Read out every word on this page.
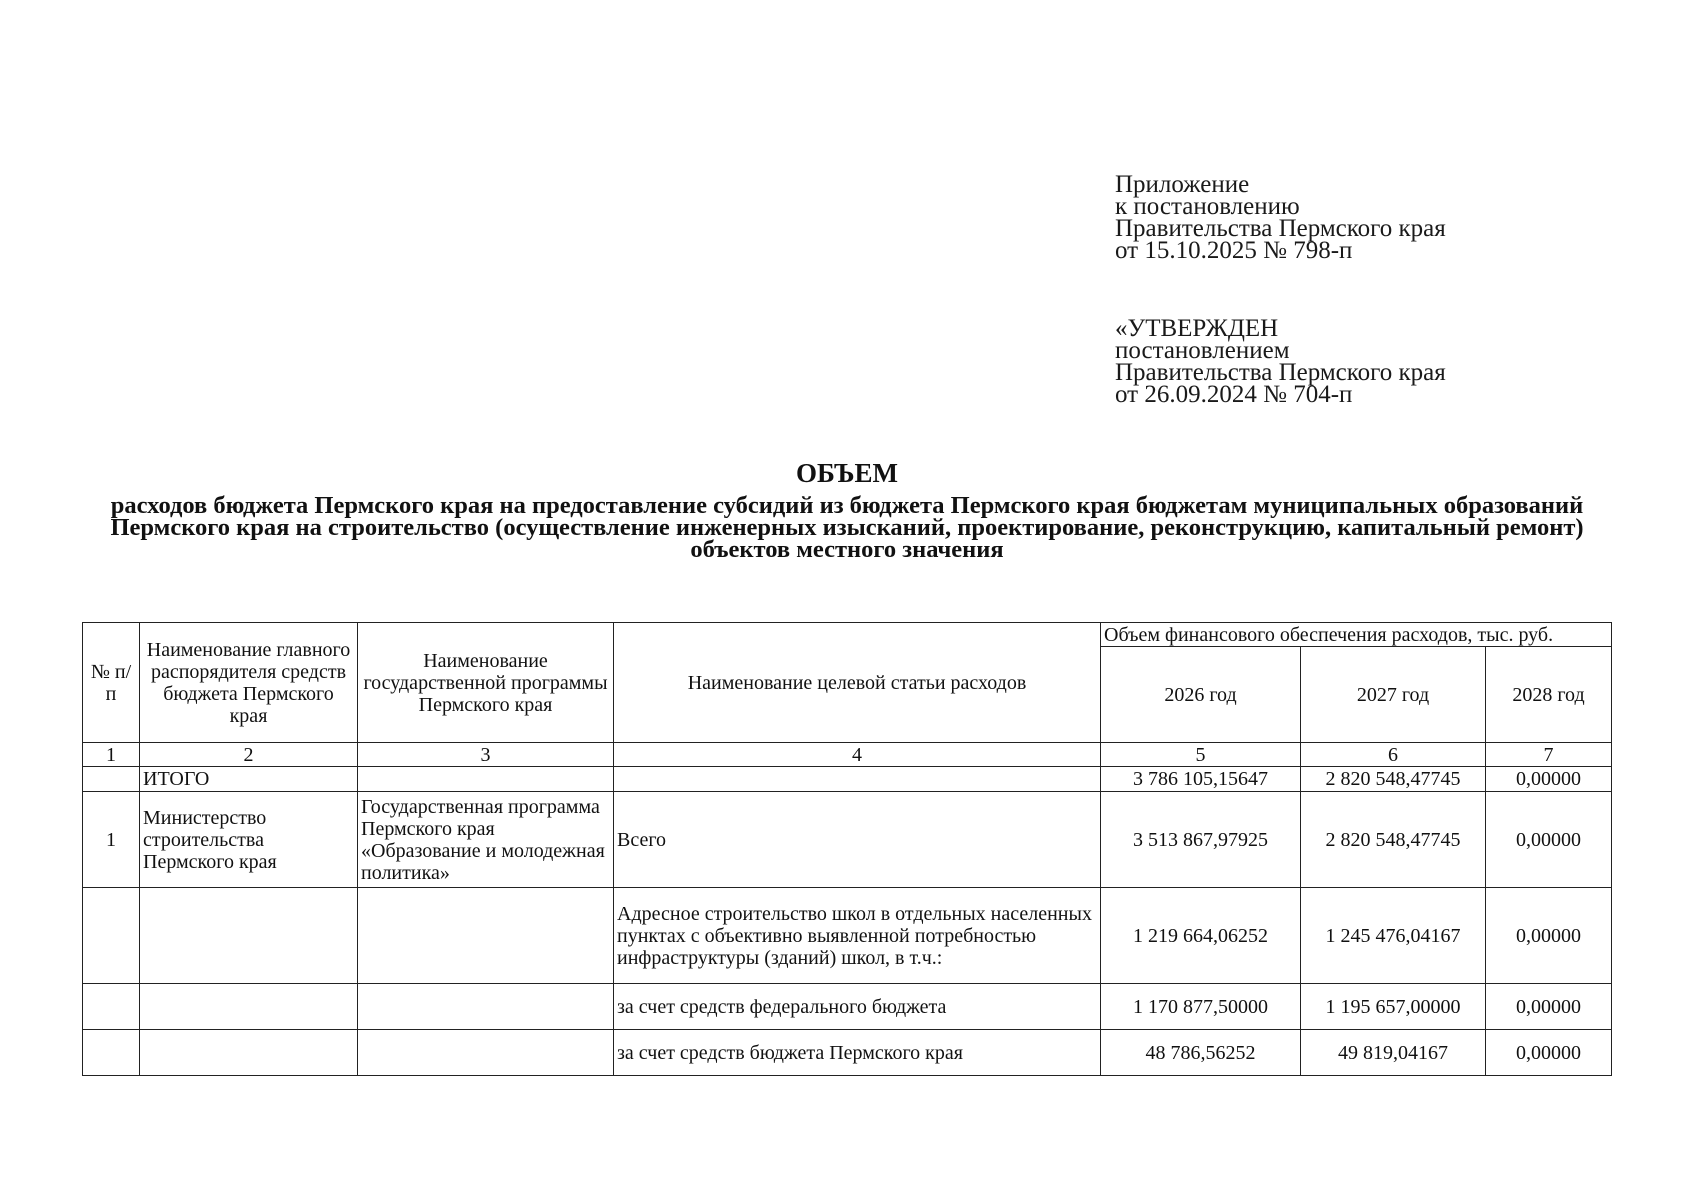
Приложение
к постановлению
Правительства Пермского края
от 15.10.2025 № 798-п
«УТВЕРЖДЕН
постановлением
Правительства Пермского края
от 26.09.2024 № 704-п
ОБЪЕМ
расходов бюджета Пермского края на предоставление субсидий из бюджета Пермского края бюджетам муниципальных образований Пермского края на строительство (осуществление инженерных изысканий, проектирование, реконструкцию, капитальный ремонт) объектов местного значения
№ п/п	Наименование главного распорядителя средств бюджета Пермского края	Наименование государственной программы Пермского края	Наименование целевой статьи расходов	Объем финансового обеспечения расходов, тыс. руб.		
				2026 год	2027 год	2028 год
1	2	3	4	5	6	7
	ИТОГО			3 786 105,15647	2 820 548,47745	0,00000
1	Министерство строительства Пермского края	Государственная программа Пермского края «Образование и молодежная политика»	Всего	3 513 867,97925	2 820 548,47745	0,00000
			Адресное строительство школ в отдельных населенных пунктах с объективно выявленной потребностью инфраструктуры (зданий) школ, в т.ч.:	1 219 664,06252	1 245 476,04167	0,00000
			за счет средств федерального бюджета	1 170 877,50000	1 195 657,00000	0,00000
			за счет средств бюджета Пермского края	48 786,56252	49 819,04167	0,00000
